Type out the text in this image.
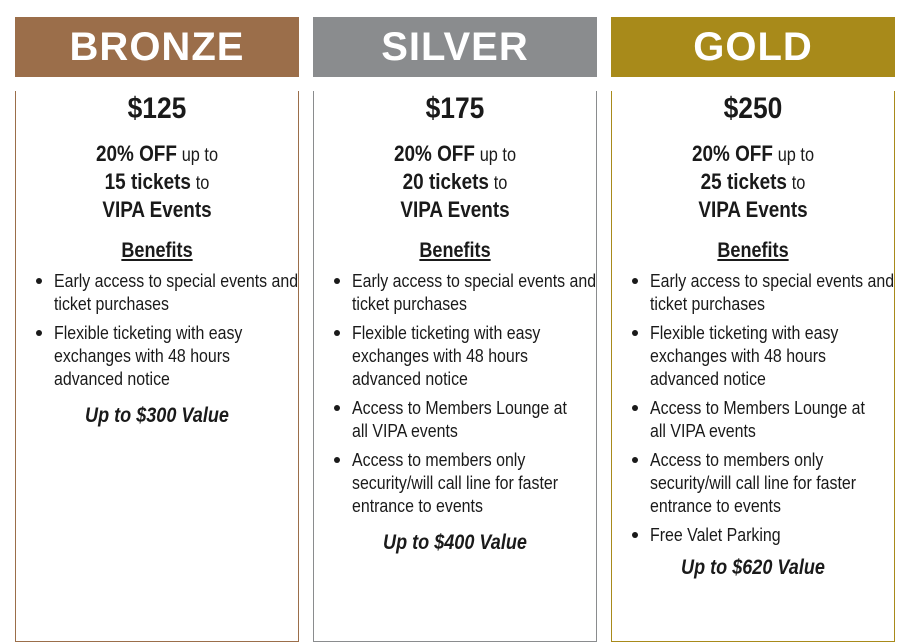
BRONZE
$125
20% OFF up to
15 tickets to
VIPA Events
Benefits
Early access to special events and ticket purchases
Flexible ticketing with easy exchanges with 48 hours advanced notice
Up to $300 Value
SILVER
$175
20% OFF up to
20 tickets to
VIPA Events
Benefits
Early access to special events and ticket purchases
Flexible ticketing with easy exchanges with 48 hours advanced notice
Access to Members Lounge at all VIPA events
Access to members only security/will call line for faster entrance to events
Up to $400 Value
GOLD
$250
20% OFF up to
25 tickets to
VIPA Events
Benefits
Early access to special events and ticket purchases
Flexible ticketing with easy exchanges with 48 hours advanced notice
Access to Members Lounge at all VIPA events
Access to members only security/will call line for faster entrance to events
Free Valet Parking
Up to $620 Value
